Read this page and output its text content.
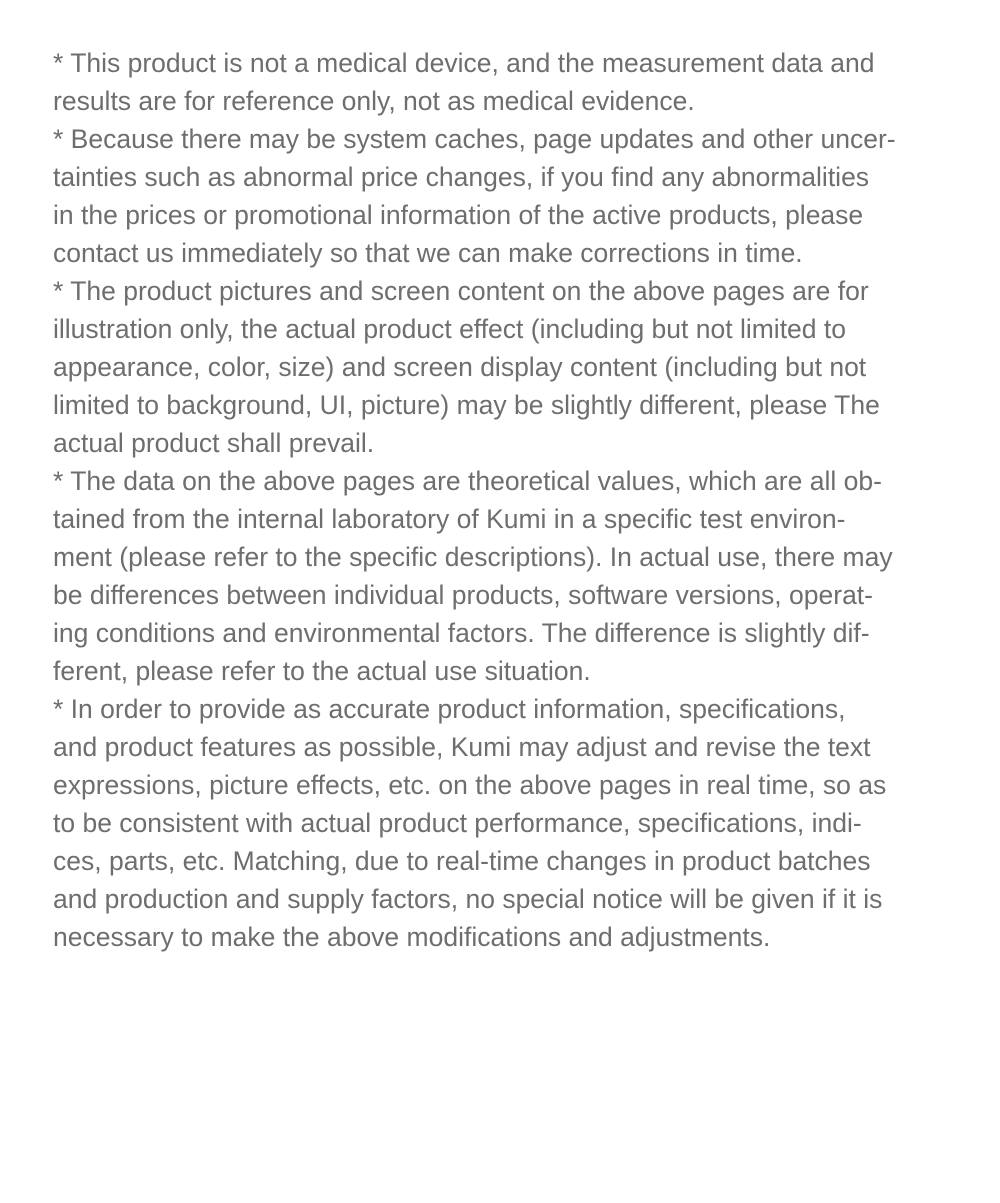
* This product is not a medical device, and the measurement data and
results are for reference only, not as medical evidence.
* Because there may be system caches, page updates and other uncer-
tainties such as abnormal price changes, if you find any abnormalities
in the prices or promotional information of the active products, please
contact us immediately so that we can make corrections in time.
* The product pictures and screen content on the above pages are for
illustration only, the actual product effect (including but not limited to
appearance, color, size) and screen display content (including but not
limited to background, UI, picture) may be slightly different, please The
actual product shall prevail.
* The data on the above pages are theoretical values, which are all ob-
tained from the internal laboratory of Kumi in a specific test environ-
ment (please refer to the specific descriptions). In actual use, there may
be differences between individual products, software versions, operat-
ing conditions and environmental factors. The difference is slightly dif-
ferent, please refer to the actual use situation.
* In order to provide as accurate product information, specifications,
and product features as possible, Kumi may adjust and revise the text
expressions, picture effects, etc. on the above pages in real time, so as
to be consistent with actual product performance, specifications, indi-
ces, parts, etc. Matching, due to real-time changes in product batches
and production and supply factors, no special notice will be given if it is
necessary to make the above modifications and adjustments.
